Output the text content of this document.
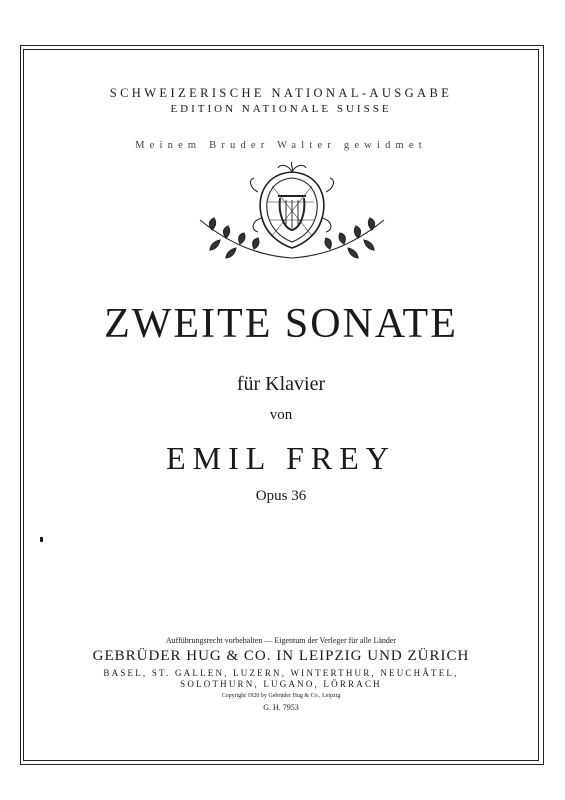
SCHWEIZERISCHE NATIONAL-AUSGABE
EDITION NATIONALE SUISSE
Meinem Bruder Walter gewidmet
ZWEITE SONATE
für Klavier
von
EMIL FREY
Opus 36
Aufführungsrecht vorbehalten — Eigentum der Verleger für alle Länder
GEBRÜDER HUG & CO. IN LEIPZIG UND ZÜRICH
BASEL, ST. GALLEN, LUZERN, WINTERTHUR, NEUCHÂTEL,
SOLOTHURN, LUGANO, LÖRRACH
Copyright 1920 by Gebrüder Hug & Co., Leipzig
G. H. 7953
